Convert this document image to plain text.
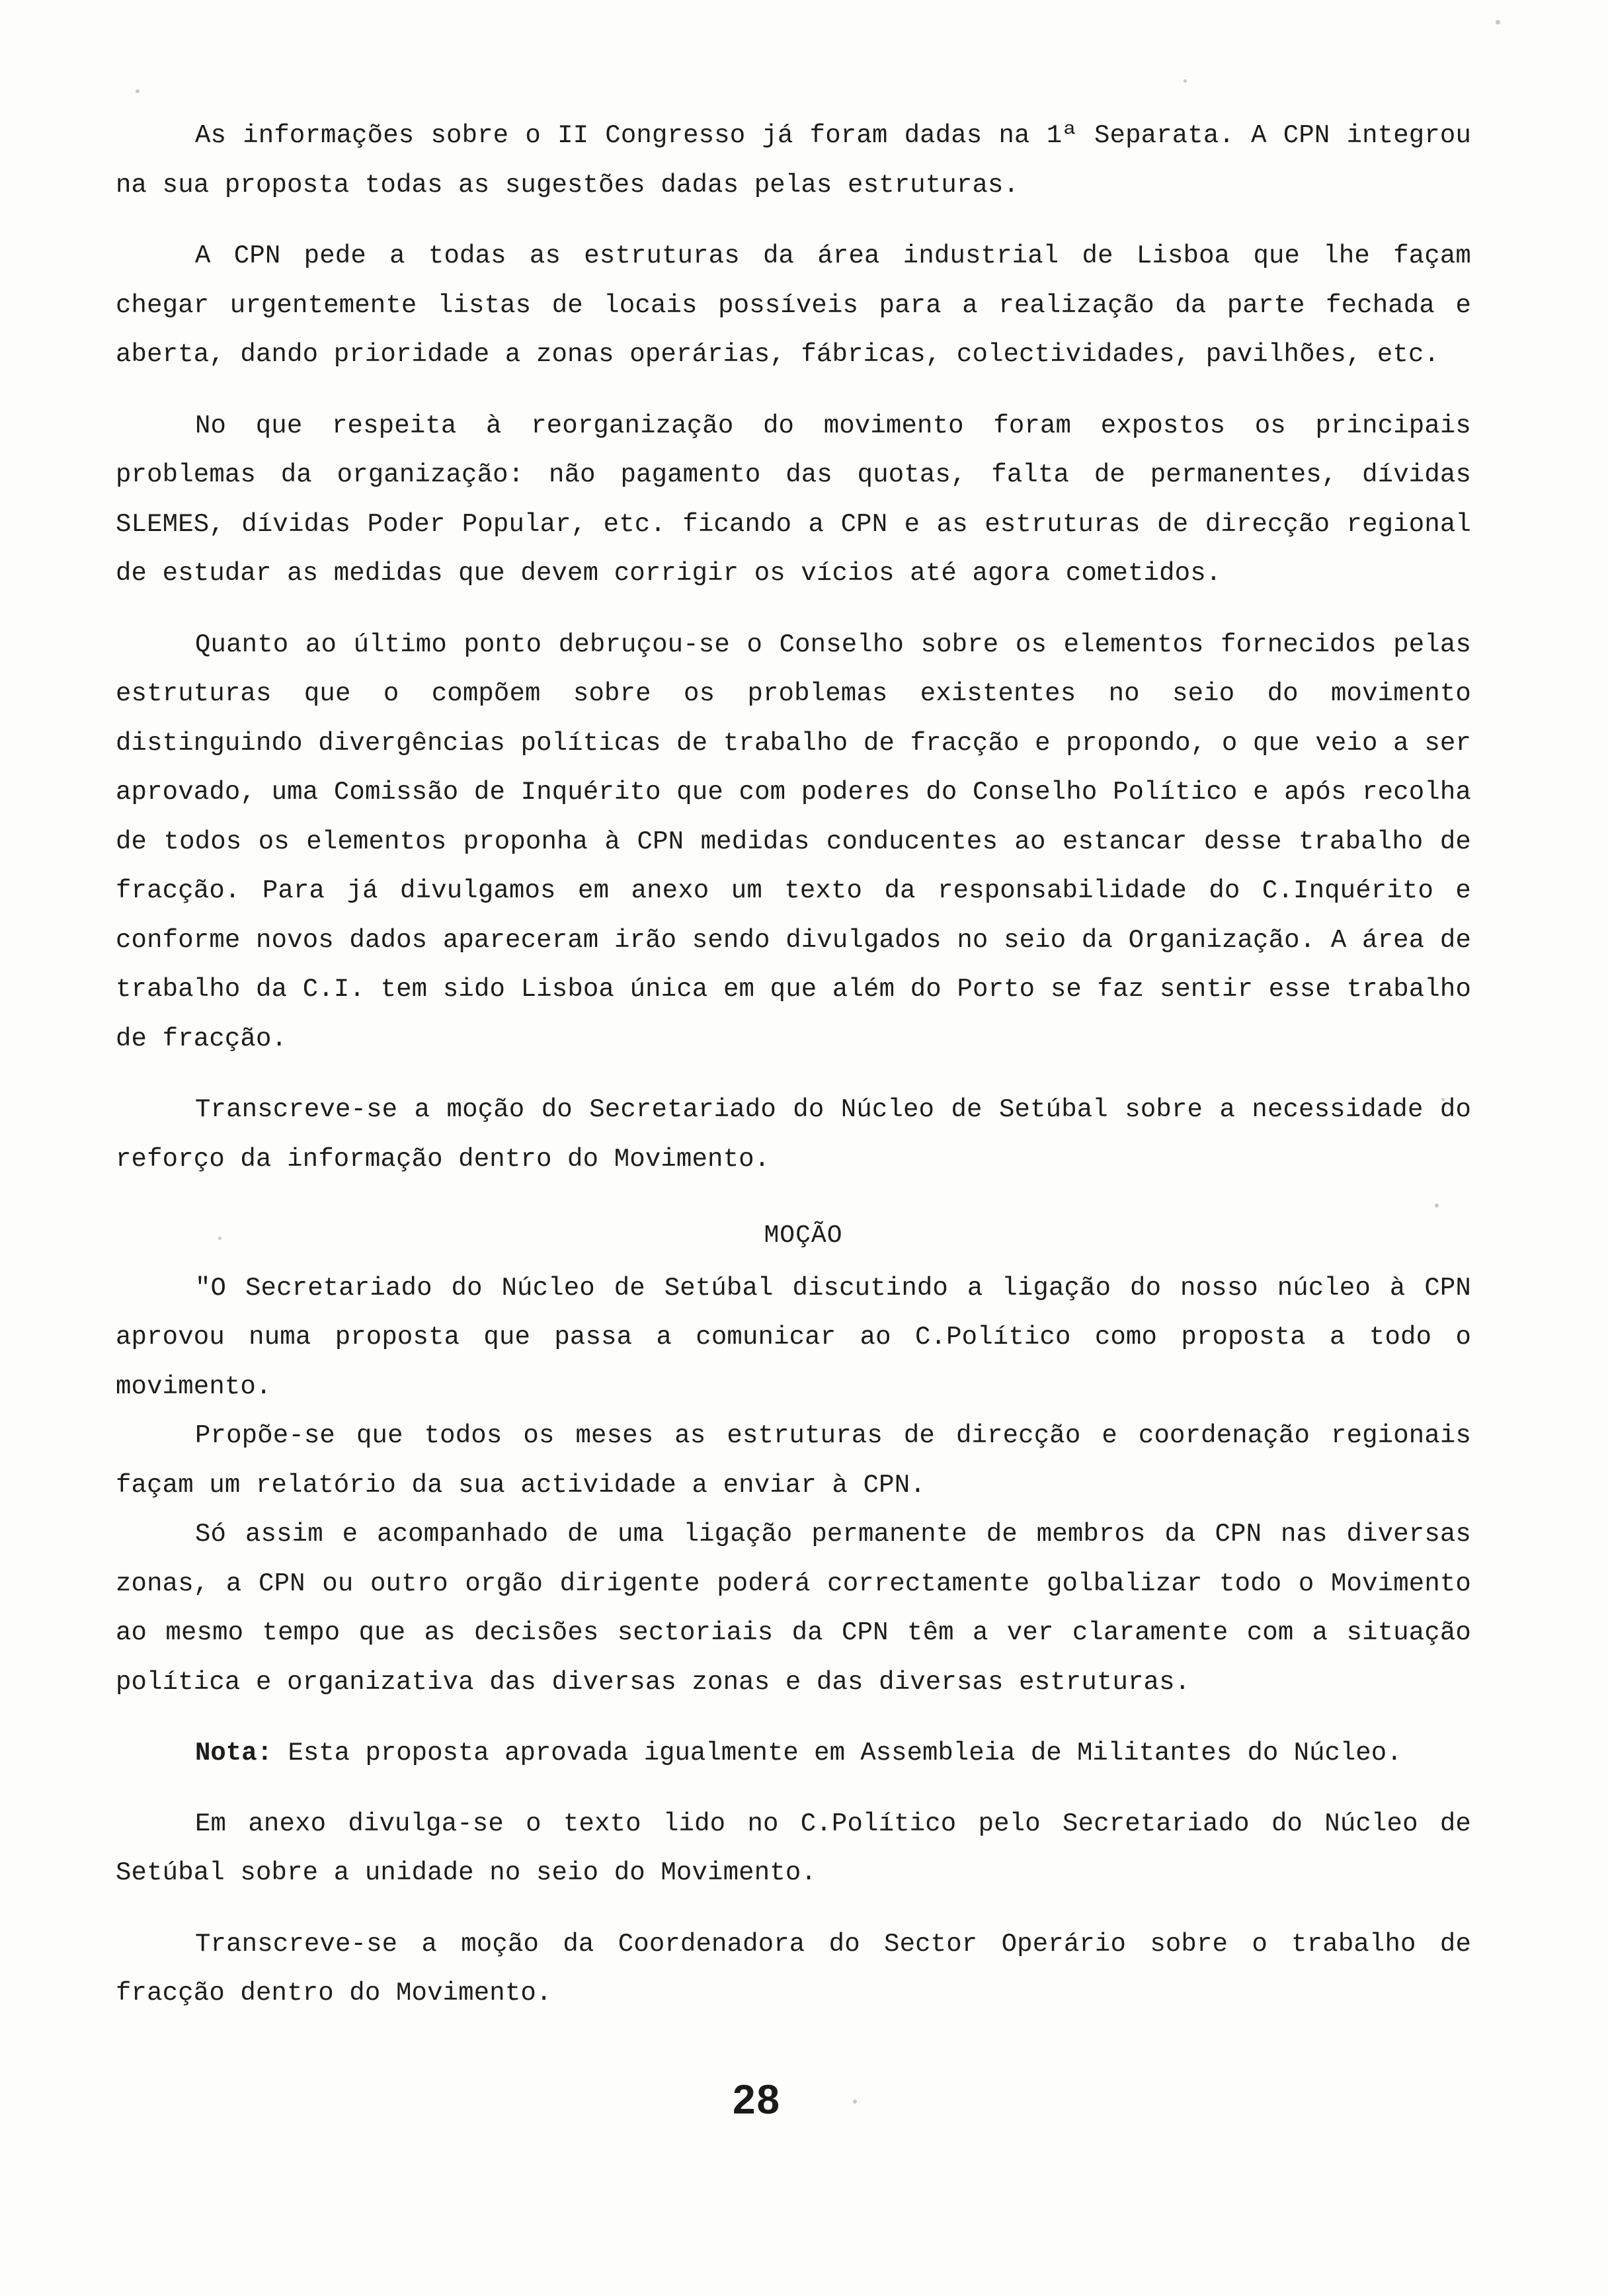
As informações sobre o II Congresso já foram dadas na 1ª Separata. A CPN integrou na sua proposta todas as sugestões dadas pelas estruturas.

A CPN pede a todas as estruturas da área industrial de Lisboa que lhe façam chegar urgentemente listas de locais possíveis para a realização da parte fechada e aberta, dando prioridade a zonas operárias, fábricas, colectividades, pavilhões, etc.

No que respeita à reorganização do movimento foram expostos os principais problemas da organização: não pagamento das quotas, falta de permanentes, dívidas SLEMES, dívidas Poder Popular, etc. ficando a CPN e as estruturas de direcção regional de estudar as medidas que devem corrigir os vícios até agora cometidos.

Quanto ao último ponto debruçou-se o Conselho sobre os elementos fornecidos pelas estruturas que o compõem sobre os problemas existentes no seio do movimento distinguindo divergências políticas de trabalho de fracção e propondo, o que veio a ser aprovado, uma Comissão de Inquérito que com poderes do Conselho Político e após recolha de todos os elementos proponha à CPN medidas conducentes ao estancar desse trabalho de fracção. Para já divulgamos em anexo um texto da responsabilidade do C.Inquérito e conforme novos dados apareceram irão sendo divulgados no seio da Organização. A área de trabalho da C.I. tem sido Lisboa única em que além do Porto se faz sentir esse trabalho de fracção.

Transcreve-se a moção do Secretariado do Núcleo de Setúbal sobre a necessidade do reforço da informação dentro do Movimento.

MOÇÃO

"O Secretariado do Núcleo de Setúbal discutindo a ligação do nosso núcleo à CPN aprovou numa proposta que passa a comunicar ao C.Político como proposta a todo o movimento.

Propõe-se que todos os meses as estruturas de direcção e coordenação regionais façam um relatório da sua actividade a enviar à CPN.

Só assim e acompanhado de uma ligação permanente de membros da CPN nas diversas zonas, a CPN ou outro orgão dirigente poderá correctamente golbalizar todo o Movimento ao mesmo tempo que as decisões sectoriais da CPN têm a ver claramente com a situação política e organizativa das diversas zonas e das diversas estruturas.

Nota: Esta proposta aprovada igualmente em Assembleia de Militantes do Núcleo.

Em anexo divulga-se o texto lido no C.Político pelo Secretariado do Núcleo de Setúbal sobre a unidade no seio do Movimento.

Transcreve-se a moção da Coordenadora do Sector Operário sobre o trabalho de fracção dentro do Movimento.

28
